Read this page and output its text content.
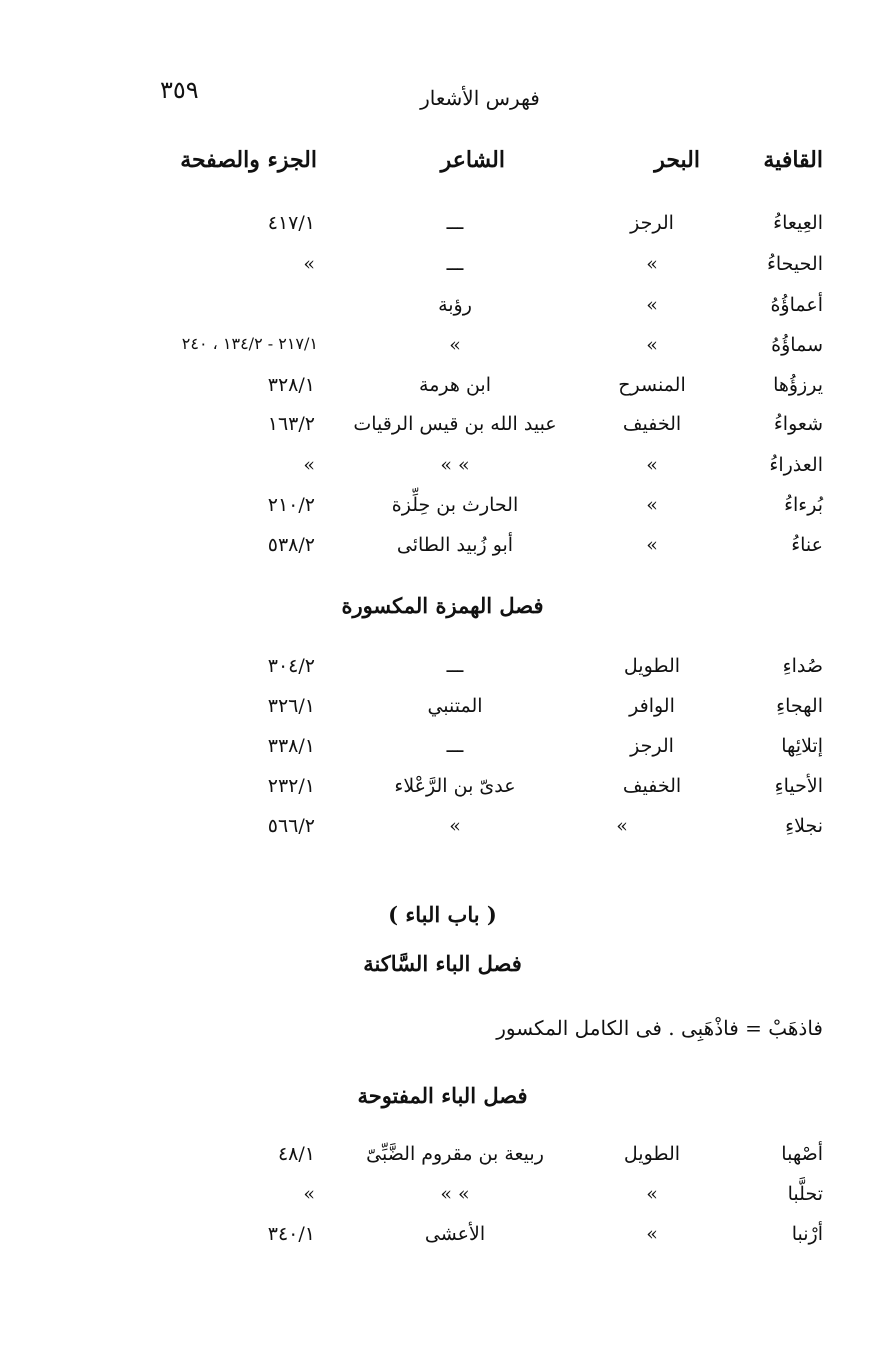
٣٥٩	فهرس الأشعار
القافية
البحر
الشاعر
الجزء والصفحة
العِيعاءُ
الرجز
ـــ
٤١٧/١
الحيحاءُ
»
ـــ
»
أعماؤُهُ
»
رؤبة
سماؤُهُ
»
»
٢١٧/١ - ١٣٤/٢ ، ٢٤٠
يرزؤُها
المنسرح
ابن هرمة
٣٢٨/١
شعواءُ
الخفيف
عبيد الله بن قيس الرقيات
١٦٣/٢
العذراءُ
»
» »
»
بُرءاءُ
»
الحارث بن حِلِّزة
٢١٠/٢
عناءُ
»
أبو زُبيد الطائى
٥٣٨/٢
فصل الهمزة المكسورة
صُداءِ
الطويل
ـــ
٣٠٤/٢
الهجاءِ
الوافر
المتنبي
٣٢٦/١
إتلائِها
الرجز
ـــ
٣٣٨/١
الأحياءِ
الخفيف
عدىّ بن الرَّعْلاء
٢٣٢/١
نجلاءِ
»
»
٥٦٦/٢
( باب الباء )
فصل الباء السَّاكنة
فاذهَبْ = فاذْهَبِى . فى الكامل المكسور
فصل الباء المفتوحة
أصْهبا
الطويل
ربيعة بن مقروم الضَّبِّىّ
٤٨/١
تحلَّبا
»
» »
»
أرْنبا
»
الأعشى
٣٤٠/١
